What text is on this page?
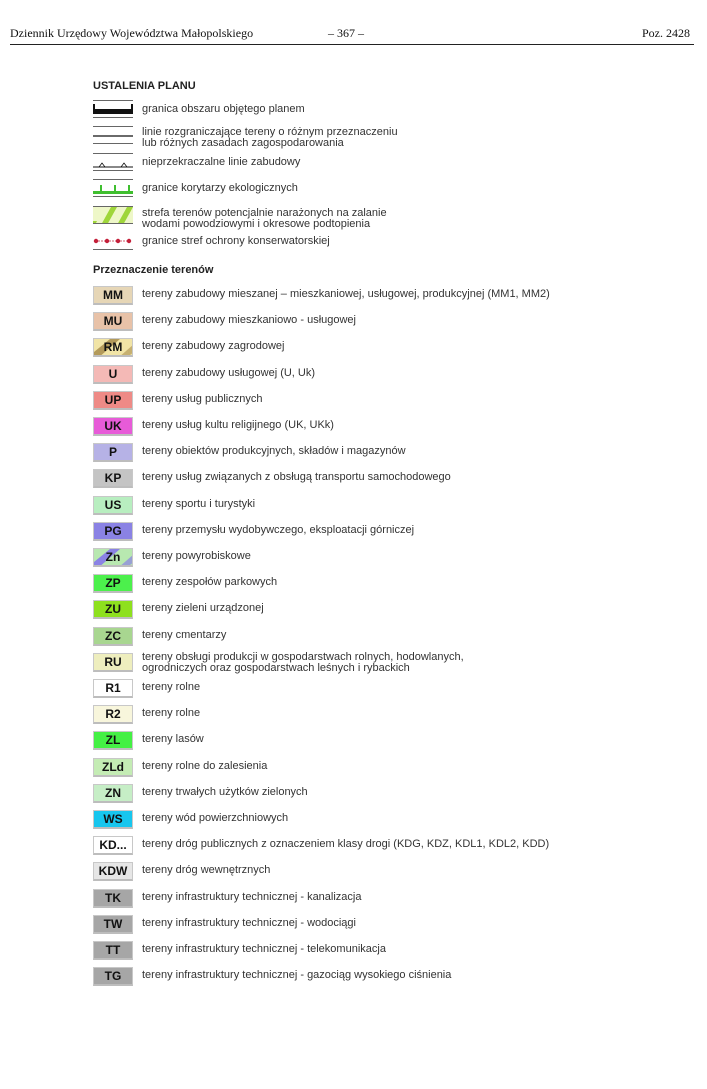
Dziennik Urzędowy Województwa Małopolskiego	– 367 –	Poz. 2428
USTALENIA PLANU
granica obszaru objętego planem
linie rozgraniczające tereny o różnym przeznaczeniu
lub różnych zasadach zagospodarowania
nieprzekraczalne linie zabudowy
granice korytarzy ekologicznych
strefa terenów potencjalnie narażonych na zalanie
wodami powodziowymi i okresowe podtopienia
granice stref ochrony konserwatorskiej
Przeznaczenie terenów
MM	tereny zabudowy mieszanej – mieszkaniowej, usługowej, produkcyjnej (MM1, MM2)
MU	tereny zabudowy mieszkaniowo - usługowej
RM	tereny zabudowy zagrodowej
U	tereny zabudowy usługowej (U, Uk)
UP	tereny usług publicznych
UK	tereny usług kultu religijnego (UK, UKk)
P	tereny obiektów produkcyjnych, składów i magazynów
KP	tereny usług związanych z obsługą transportu samochodowego
US	tereny sportu i turystyki
PG	tereny przemysłu wydobywczego, eksploatacji górniczej
Zn	tereny powyrobiskowe
ZP	tereny zespołów parkowych
ZU	tereny zieleni urządzonej
ZC	tereny cmentarzy
RU	tereny obsługi produkcji w gospodarstwach rolnych, hodowlanych,
ogrodniczych oraz gospodarstwach leśnych i rybackich
R1	tereny rolne
R2	tereny rolne
ZL	tereny lasów
ZLd	tereny rolne do zalesienia
ZN	tereny trwałych użytków zielonych
WS	tereny wód powierzchniowych
KD...	tereny dróg publicznych z oznaczeniem klasy drogi (KDG, KDZ, KDL1, KDL2, KDD)
KDW	tereny dróg wewnętrznych
TK	tereny infrastruktury technicznej - kanalizacja
TW	tereny infrastruktury technicznej - wodociągi
TT	tereny infrastruktury technicznej - telekomunikacja
TG	tereny infrastruktury technicznej - gazociąg wysokiego ciśnienia
